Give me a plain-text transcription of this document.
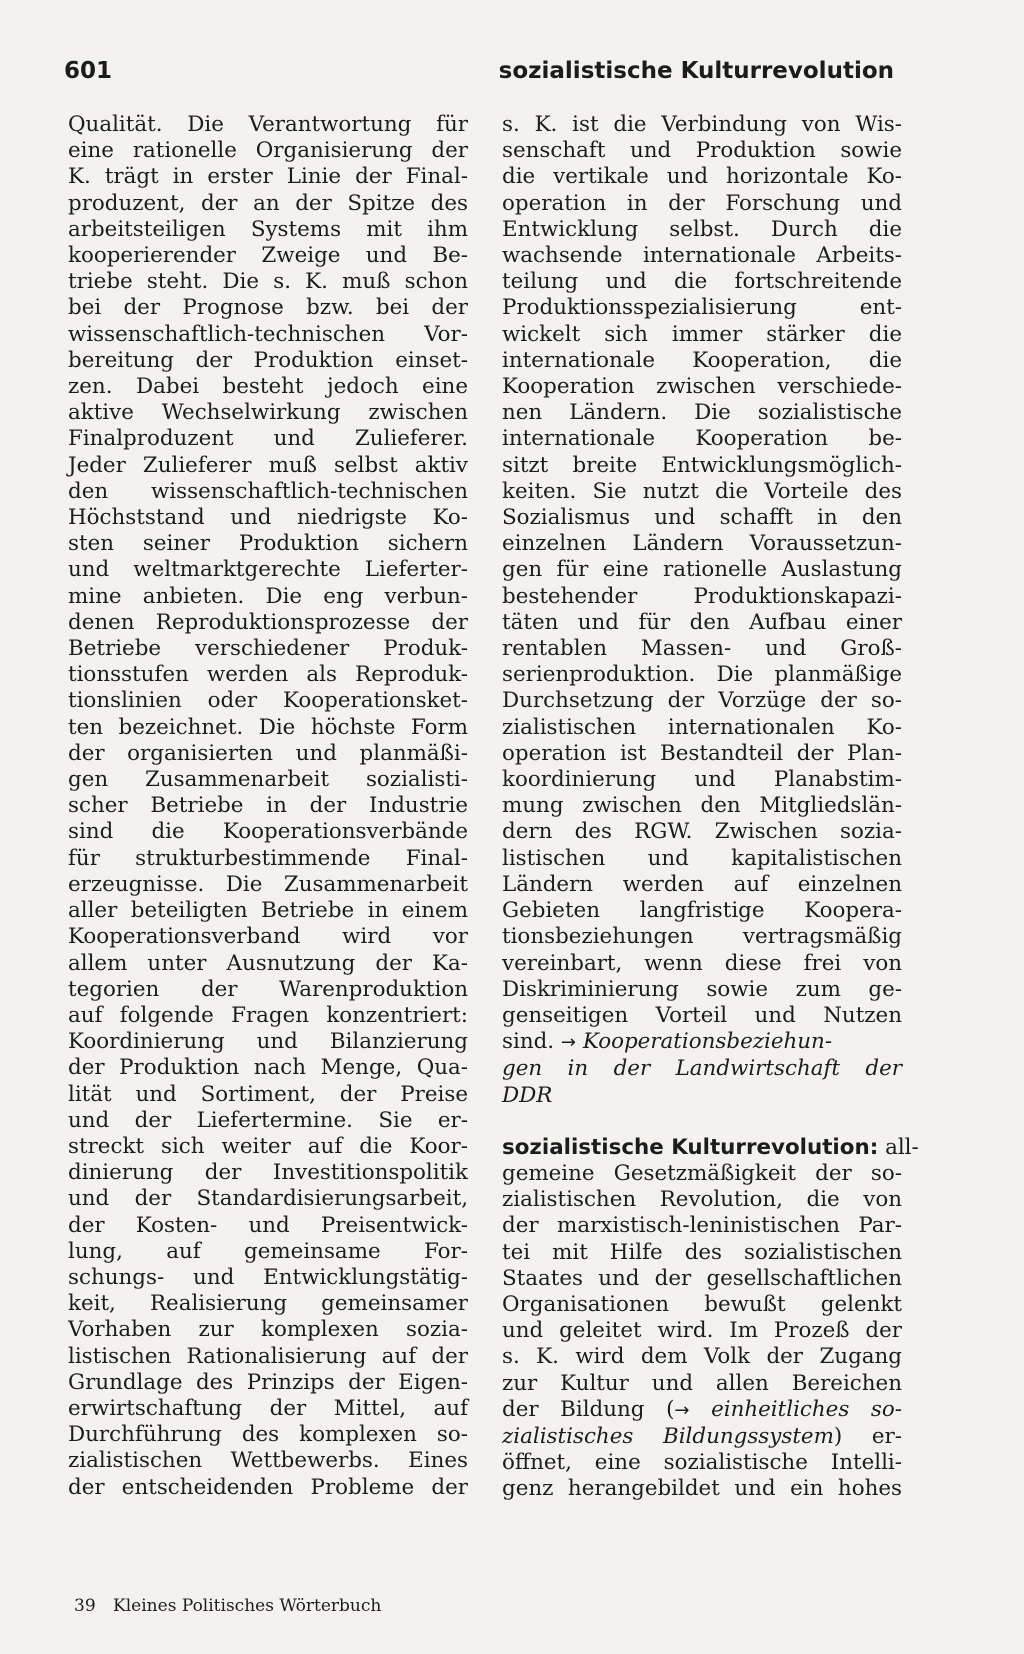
601	sozialistische Kulturrevolution
Qualität. Die Verantwortung für
eine rationelle Organisierung der
K. trägt in erster Linie der Final-
produzent, der an der Spitze des
arbeitsteiligen Systems mit ihm
kooperierender Zweige und Be-
triebe steht. Die s. K. muß schon
bei der Prognose bzw. bei der
wissenschaftlich-technischen Vor-
bereitung der Produktion einset-
zen. Dabei besteht jedoch eine
aktive Wechselwirkung zwischen
Finalproduzent und Zulieferer.
Jeder Zulieferer muß selbst aktiv
den wissenschaftlich-technischen
Höchststand und niedrigste Ko-
sten seiner Produktion sichern
und weltmarktgerechte Lieferter-
mine anbieten. Die eng verbun-
denen Reproduktionsprozesse der
Betriebe verschiedener Produk-
tionsstufen werden als Reproduk-
tionslinien oder Kooperationsket-
ten bezeichnet. Die höchste Form
der organisierten und planmäßi-
gen Zusammenarbeit sozialisti-
scher Betriebe in der Industrie
sind die Kooperationsverbände
für strukturbestimmende Final-
erzeugnisse. Die Zusammenarbeit
aller beteiligten Betriebe in einem
Kooperationsverband wird vor
allem unter Ausnutzung der Ka-
tegorien der Warenproduktion
auf folgende Fragen konzentriert:
Koordinierung und Bilanzierung
der Produktion nach Menge, Qua-
lität und Sortiment, der Preise
und der Liefertermine. Sie er-
streckt sich weiter auf die Koor-
dinierung der Investitionspolitik
und der Standardisierungsarbeit,
der Kosten- und Preisentwick-
lung, auf gemeinsame For-
schungs- und Entwicklungstätig-
keit, Realisierung gemeinsamer
Vorhaben zur komplexen sozia-
listischen Rationalisierung auf der
Grundlage des Prinzips der Eigen-
erwirtschaftung der Mittel, auf
Durchführung des komplexen so-
zialistischen Wettbewerbs. Eines
der entscheidenden Probleme der
s. K. ist die Verbindung von Wis-
senschaft und Produktion sowie
die vertikale und horizontale Ko-
operation in der Forschung und
Entwicklung selbst. Durch die
wachsende internationale Arbeits-
teilung und die fortschreitende
Produktionsspezialisierung ent-
wickelt sich immer stärker die
internationale Kooperation, die
Kooperation zwischen verschiede-
nen Ländern. Die sozialistische
internationale Kooperation be-
sitzt breite Entwicklungsmöglich-
keiten. Sie nutzt die Vorteile des
Sozialismus und schafft in den
einzelnen Ländern Voraussetzun-
gen für eine rationelle Auslastung
bestehender Produktionskapazi-
täten und für den Aufbau einer
rentablen Massen- und Groß-
serienproduktion. Die planmäßige
Durchsetzung der Vorzüge der so-
zialistischen internationalen Ko-
operation ist Bestandteil der Plan-
koordinierung und Planabstim-
mung zwischen den Mitgliedslän-
dern des RGW. Zwischen sozia-
listischen und kapitalistischen
Ländern werden auf einzelnen
Gebieten langfristige Koopera-
tionsbeziehungen vertragsmäßig
vereinbart, wenn diese frei von
Diskriminierung sowie zum ge-
genseitigen Vorteil und Nutzen
sind. → Kooperationsbeziehun-
gen in der Landwirtschaft der
DDR
sozialistische Kulturrevolution: all-
gemeine Gesetzmäßigkeit der so-
zialistischen Revolution, die von
der marxistisch-leninistischen Par-
tei mit Hilfe des sozialistischen
Staates und der gesellschaftlichen
Organisationen bewußt gelenkt
und geleitet wird. Im Prozeß der
s. K. wird dem Volk der Zugang
zur Kultur und allen Bereichen
der Bildung (→ einheitliches so-
zialistisches Bildungssystem) er-
öffnet, eine sozialistische Intelli-
genz herangebildet und ein hohes
39 Kleines Politisches Wörterbuch
